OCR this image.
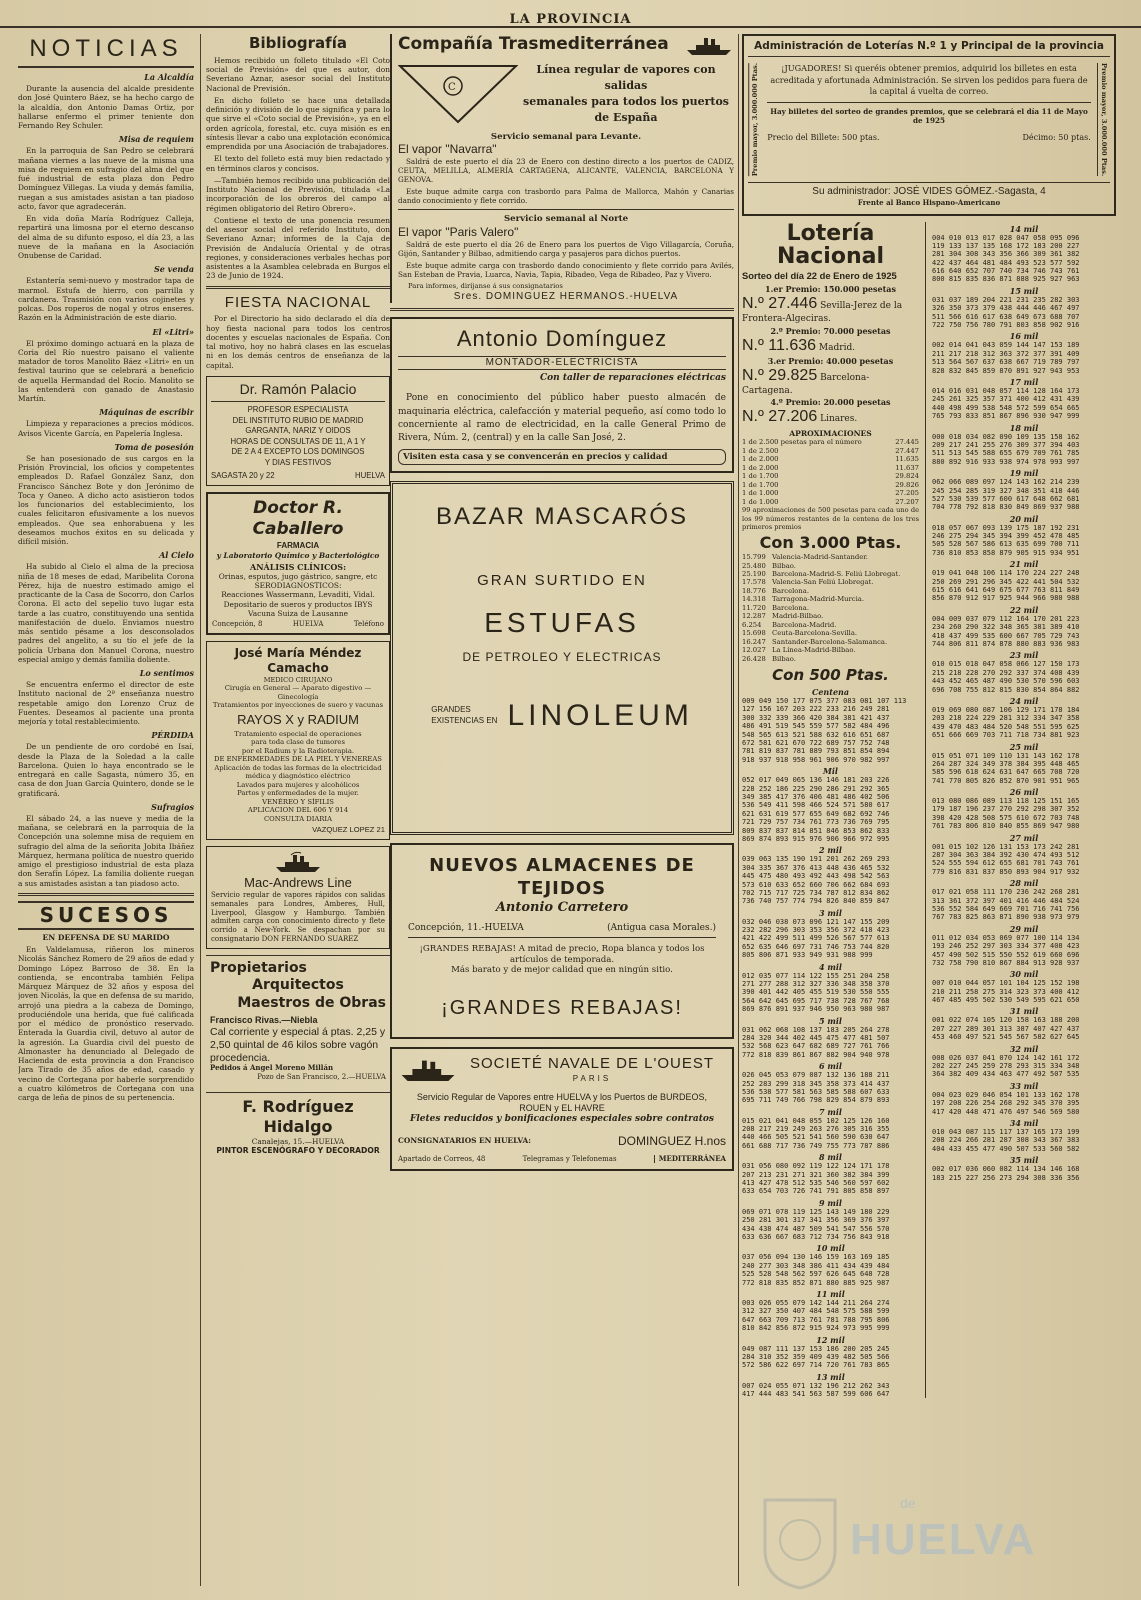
LA PROVINCIA
NOTICIAS
La Alcaldía
Durante la ausencia del alcalde presidente don José Quintero Báez, se ha hecho cargo de la alcaldía, don Antonio Damas Ortiz, por hallarse enfermo el primer teniente don Fernando Rey Schuler.
Misa de requiem
En la parroquia de San Pedro se celebrará mañana viernes a las nueve de la misma una misa de requiem en sufragio del alma del que fué industrial de esta plaza don Pedro Domínguez Villegas. La viuda y demás familia, ruegan a sus amistades asistan a tan piadoso acto, favor que agradecerán.
En vida doña María Rodríguez Calleja, repartirá una limosna por el eterno descanso del alma de su difunto esposo, el día 23, a las nueve de la mañana en la Asociación Onubense de Caridad.
Se venda
Estantería semi-nuevo y mostrador tapa de marmol. Estufa de hierro, con parrilla y cardanera. Trasmisión con varios cojinetes y polcas. Dos roperos de nogal y otros enseres. Razón en la Administración de este diario.
El «Litri»
El próximo domingo actuará en la plaza de Coria del Río nuestro paisano el valiente matador de toros Manolito Báez «Litri» en un festival taurino que se celebrará a beneficio de aquella Hermandad del Rocío. Manolito se las entenderá con ganado de Anastasio Martín.
Máquinas de escribir
Limpieza y reparaciones a precios módicos. Avisos Vicente García, en Papelería Inglesa.
Toma de posesión
Se han posesionado de sus cargos en la Prisión Provincial, los oficios y competentes empleados D. Rafael González Sanz, don Francisco Sánchez Bote y don Jerónimo de Toca y Oaneo. A dicho acto asistieron todos los funcionarios del establecimiento, los cuales felicitaron efusivamente a los nuevos empleados. Que sea enhorabuena y les deseamos muchos éxitos en su delicada y difícil misión.
Al Cielo
Ha subido al Cielo el alma de la preciosa niña de 18 meses de edad, Maribelita Corona Pérez, hija de nuestro estimado amigo el practicante de la Casa de Socorro, don Carlos Corona. El acto del sepelio tuvo lugar esta tarde a las cuatro, constituyendo una sentida manifestación de duelo. Enviamos nuestro más sentido pésame a los desconsolados padres del angelito, a su tío el jefe de la policía Urbana don Manuel Corona, nuestro especial amigo y demás familia doliente.
Lo sentimos
Se encuentra enfermo el director de este Instituto nacional de 2ª enseñanza nuestro respetable amigo don Lorenzo Cruz de Fuentes. Deseamos al paciente una pronta mejoría y total restablecimiento.
PÉRDIDA
De un pendiente de oro cordobé en Isaí, desde la Plaza de la Soledad a la calle Barcelona. Quien lo haya encontrado se le entregará en calle Sagasta, número 35, en casa de don Juan García Quintero, donde se le gratificará.
Sufragios
El sábado 24, a las nueve y media de la mañana, se celebrará en la parroquia de la Concepción una solemne misa de requiem en sufragio del alma de la señorita Jobita Ibáñez Márquez, hermana política de nuestro querido amigo el prestigioso industrial de esta plaza don Serafín López. La familia doliente ruegan a sus amistades asistan a tan piadoso acto.
SUCESOS
EN DEFENSA DE SU MARIDO
En Valdelamusa, riñeron los mineros Nicolás Sánchez Romero de 29 años de edad y Domingo López Barroso de 38. En la contienda, se encontraba también Felipa Márquez Márquez de 32 años y esposa del joven Nicolás, la que en defensa de su marido, arrojó una piedra a la cabeza de Domingo, produciéndole una herida, que fué calificada por el médico de pronóstico reservado. Enterada la Guardia civil, detuvo al autor de la agresión. La Guardia civil del puesto de Almonaster ha denunciado al Delegado de Hacienda de esta provincia a don Francisco Jara Tirado de 35 años de edad, casado y vecino de Cortegana por haberle sorprendido a cuatro kilómetros de Cortegana con una carga de leña de pinos de su pertenencia.
Bibliografía
Hemos recibido un folleto titulado «El Coto social de Previsión» del que es autor, don Severiano Aznar, asesor social del Instituto Nacional de Previsión.
En dicho folleto se hace una detallada definición y división de lo que significa y para lo que sirve el «Coto social de Previsión», ya en el orden agrícola, forestal, etc. cuya misión es en síntesis llevar a cabo una explotación económica emprendida por una Asociación de trabajadores.
El texto del folleto está muy bien redactado y en términos claros y concisos.
—También hemos recibido una publicación del Instituto Nacional de Previsión, titulada «La incorporación de los obreros del campo al régimen obligatorio del Retiro Obrero».
Contiene el texto de una ponencia resumen del asesor social del referido Instituto, don Severiano Aznar; informes de la Caja de Previsión de Andalucía Oriental y de otras regiones, y consideraciones verbales hechas por asistentes a la Asamblea celebrada en Burgos el 23 de Junio de 1924.
FIESTA NACIONAL
Por el Directorio ha sido declarado el día de hoy fiesta nacional para todos los centros docentes y escuelas nacionales de España. Con tal motivo, hoy no habrá clases en las escuelas ni en los demás centros de enseñanza de la capital.
Dr. Ramón Palacio
PROFESOR ESPECIALISTA
DEL INSTITUTO RUBIO DE MADRID
GARGANTA, NARIZ Y OIDOS
HORAS DE CONSULTAS DE 11, A 1 Y
DE 2 A 4 EXCEPTO LOS DOMINGOS
Y DIAS FESTIVOS
SAGASTA 20 y 22	HUELVA
Doctor R. Caballero
FARMACIA
y Laboratorio Químico y Bacteriológico
ANÁLISIS CLÍNICOS:
Orinas, esputos, jugo gástrico, sangre, etc
SERODIAGNOSTICOS:
Reacciones Wassermann, Levaditi, Vidal.
Depositario de sueros y productos IBYS
Vacuna Suiza de Lausanne
Concepción, 8	HUELVA	Teléfono
José María Méndez Camacho
MEDICO CIRUJANO
Cirugía en General — Aparato digestivo — Ginecología
Tratamientos por inyecciones de suero y vacunas
RAYOS X y RADIUM
Tratamiento especial de operaciones
para toda clase de tumores
por el Radium y la Radioterapia.
DE ENFERMEDADES DE LA PIEL Y VENEREAS
Aplicación de todas las formas de la electricidad médica y diagnóstico eléctrico
Lavados para mujeres y alcohólicos
Partos y enfermedades de la mujer.
VENÉREO Y SÍFILIS
APLICACION DEL 606 Y 914
CONSULTA DIARIA
VAZQUEZ LOPEZ 21
Mac-Andrews Line
Servicio regular de vapores rápidos con salidas semanales para Londres, Amberes, Hull, Liverpool, Glasgow y Hamburgo. También admiten carga con conocimiento directo y flete corrido a New-York. Se despachan por su consignatario DON FERNANDO SUAREZ
Propietarios
Arquitectos
Maestros de Obras
Francisco Rivas.—Niebla
Cal corriente y especial á ptas. 2,25 y 2,50 quintal de 46 kilos sobre vagón procedencia.
Pedidos á Angel Moreno Millán
Pozo de San Francisco, 2.—HUELVA
F. Rodríguez Hidalgo
Canalejas, 15.—HUELVA
PINTOR ESCENÓGRAFO Y DECORADOR
Compañía Trasmediterránea
C
Línea regular de vapores con salidas
semanales para todos los puertos
de España
Servicio semanal para Levante.
El vapor "Navarra"
Saldrá de este puerto el día 23 de Enero con destino directo a los puertos de CADIZ, CEUTA, MELILLA, ALMERÍA CARTAGENA, ALICANTE, VALENCIA, BARCELONA Y GENOVA.
Este buque admite carga con trasbordo para Palma de Mallorca, Mahón y Canarias dando conocimiento y flete corrido.
Servicio semanal al Norte
El vapor "Paris Valero"
Saldrá de este puerto el día 26 de Enero para los puertos de Vigo Villagarcía, Coruña, Gijón, Santander y Bilbao, admitiendo carga y pasajeros para dichos puertos.
Este buque admite carga con trasbordo dando conocimiento y flete corrido para Avilés, San Esteban de Pravia, Luarca, Navia, Tapia, Ribadeo, Vega de Ribadeo, Paz y Vivero.
Para informes, diríjanse á sus consignatarios
Sres. DOMINGUEZ HERMANOS.-HUELVA
Antonio Domínguez
MONTADOR-ELECTRICISTA
Con taller de reparaciones eléctricas
Pone en conocimiento del público haber puesto almacén de maquinaria eléctrica, calefacción y material pequeño, así como todo lo concerniente al ramo de electricidad, en la calle General Primo de Rivera, Núm. 2, (central) y en la calle San José, 2.
Visiten esta casa y se convencerán en precios y calidad
BAZAR MASCARÓS
GRAN SURTIDO EN
ESTUFAS
DE PETROLEO Y ELECTRICAS
GRANDES
EXISTENCIAS EN LINOLEUM
NUEVOS ALMACENES DE TEJIDOS
Antonio Carretero
Concepción, 11.-HUELVA	(Antigua casa Morales.)
¡GRANDES REBAJAS! A mitad de precio, Ropa blanca y todos los artículos de temporada.
Más barato y de mejor calidad que en ningún sitio.
¡GRANDES REBAJAS!
SOCIETÉ NAVALE DE L'OUEST
PARIS
Servicio Regular de Vapores entre HUELVA y los Puertos de BURDEOS, ROUEN y EL HAVRE
Fletes reducidos y bonificaciones especiales sobre contratos
CONSIGNATARIOS EN HUELVA:	DOMINGUEZ H.nos
Apartado de Correos, 48	Telegramas y Telefonemas	MEDITERRÁNEA
Administración de Loterías N.º 1 y Principal de la provincia
Premio mayor, 3.000.000 Ptas.	¡JUGADORES! Si queréis obtener premios, adquirid los billetes en esta acreditada y afortunada Administración. Se sirven los pedidos para fuera de la capital á vuelta de correo.
Hay billetes del sorteo de grandes premios, que se celebrará el día 11 de Mayo de 1925
Precio del Billete: 500 ptas.	Décimo: 50 ptas.	Premio mayor, 3.000.000 Ptas.
Su administrador: JOSÉ VIDES GÓMEZ.-Sagasta, 4
Frente al Banco Hispano-Americano
Lotería Nacional
Sorteo del día 22 de Enero de 1925
1.er Premio: 150.000 pesetas
N.º 27.446 Sevilla-Jerez de la Frontera-Algeciras.
2.º Premio: 70.000 pesetas
N.º 11.636 Madrid.
3.er Premio: 40.000 pesetas
N.º 29.825 Barcelona-Cartagena.
4.º Premio: 20.000 pesetas
N.º 27.206 Linares.
APROXIMACIONES
1 de 2.500 pesetas para el número	27.445
1 de 2.500	27.447
1 de 2.000	11.635
1 de 2.000	11.637
1 de 1.700	29.824
1 de 1.700	29.826
1 de 1.000	27.205
1 de 1.000	27.207
99 aproximaciones de 500 pesetas para cada uno de los 99 números restantes de la centena de los tres primeros premios
Con 3.000 Ptas.
15.799 Valencia-Madrid-Santander.
25.480 Bilbao.
25.190 Barcelona-Madrid-S. Feliú Llobregat.
17.578 Valencia-San Feliú Llobregat.
18.776 Barcelona.
14.318 Tarragona-Madrid-Murcia.
11.720 Barcelona.
12.287 Madrid-Bilbao.
6.254 Barcelona-Madrid.
15.698 Ceuta-Barcelona-Sevilla.
16.247 Santander-Barcelona-Salamanca.
12.027 La Línea-Madrid-Bilbao.
26.428 Bilbao.
Con 500 Ptas.
Centena
009 049 150 177 075 377 083 081 107 113
127 156 167 203 222 233 216 249 281
300 332 339 366 420 384 381 421 437
486 491 519 545 559 577 582 484 496
548 565 613 521 588 632 616 651 687
672 581 621 670 722 689 757 752 748
781 819 837 781 889 793 851 854 894
918 937 918 958 961 906 970 982 997
Mil
052 017 049 065 136 146 181 203 226
228 252 186 225 290 286 291 292 365
349 385 417 376 406 481 486 402 506
536 549 411 598 466 524 571 580 617
621 631 619 577 655 649 682 692 746
721 729 757 734 761 773 736 769 795
809 837 837 814 851 846 853 862 833
869 874 893 915 976 906 966 972 995
2 mil
039 063 135 190 191 201 262 269 293
304 335 367 376 413 448 436 465 532
445 475 480 493 492 443 498 542 563
573 610 633 652 660 706 662 684 693
702 715 717 725 734 787 812 834 862
736 740 757 774 794 826 840 859 847
3 mil
032 046 038 073 096 121 147 155 209
232 282 296 303 353 356 372 418 423
421 422 499 511 499 526 567 577 613
652 635 646 697 731 746 753 744 820
805 806 871 933 949 931 988 999
4 mil
012 035 077 114 122 155 251 204 258
271 277 288 312 327 336 348 358 370
390 401 442 405 455 519 530 550 555
564 642 645 695 717 738 728 767 768
869 876 891 937 946 950 963 980 987
5 mil
031 062 068 108 137 183 205 264 278
284 320 344 402 445 475 477 481 507
532 568 623 647 682 689 727 761 766
772 818 839 861 867 882 904 940 978
6 mil
026 045 053 079 087 132 136 188 211
252 283 299 318 345 358 373 414 437
536 538 577 581 563 585 588 607 633
695 711 749 766 798 829 854 879 893
7 mil
015 021 041 048 055 102 125 126 160
208 217 219 249 263 276 305 316 355
440 466 505 521 541 560 590 630 647
661 688 717 736 749 755 773 787 886
8 mil
031 056 080 092 119 122 124 171 178
207 213 231 271 321 360 382 384 399
413 427 478 512 535 546 560 597 602
633 654 703 726 741 791 805 858 897
9 mil
069 071 078 119 125 143 149 180 229
250 281 301 317 341 356 369 376 397
434 438 474 487 509 541 547 556 570
633 636 667 683 712 734 756 843 918
10 mil
037 056 094 130 146 159 163 169 185
240 277 303 348 386 411 434 439 484
525 528 548 562 597 626 645 648 728
772 818 835 852 871 880 885 925 987
11 mil
003 026 055 079 142 144 211 264 274
312 327 350 407 484 548 575 588 599
647 663 709 713 761 781 788 795 806
810 842 856 872 915 924 973 995 999
12 mil
049 087 111 137 153 186 200 205 245
284 310 352 359 409 439 482 505 566
572 586 622 697 714 720 761 783 865
13 mil
007 024 055 071 132 196 212 262 343
417 444 483 541 563 587 599 606 647
14 mil
004 010 013 017 028 047 058 095 096
119 133 137 135 168 172 183 200 227
281 304 308 343 356 366 309 361 382
422 437 464 481 484 493 523 577 592
616 640 652 707 740 734 746 743 761
800 815 835 836 871 888 925 927 963
15 mil
031 037 189 204 221 231 235 282 303
326 350 373 379 438 444 446 467 497
511 566 616 617 638 649 673 688 707
722 750 756 780 791 803 858 902 916
16 mil
002 014 041 043 059 144 147 153 189
211 217 218 312 363 372 377 391 409
513 564 567 637 638 667 719 789 797
828 832 845 859 870 891 927 943 953
17 mil
014 016 031 048 057 114 128 164 173
245 261 325 357 371 400 412 431 439
440 498 499 538 548 572 599 654 665
765 793 833 851 867 896 930 947 999
18 mil
000 018 034 082 090 109 135 158 162
209 217 241 255 276 309 377 394 403
511 513 545 588 655 679 709 761 785
880 892 916 933 938 974 978 993 997
19 mil
062 066 089 097 124 143 162 214 239
245 254 285 319 327 348 351 418 446
527 530 539 577 600 617 648 662 681
704 778 792 818 830 849 869 937 988
20 mil
018 057 067 093 139 175 187 192 231
246 275 294 345 394 399 452 478 485
505 528 567 586 613 635 699 700 711
736 810 853 858 879 905 915 934 951
21 mil
019 041 048 106 114 170 224 227 248
250 269 291 296 345 422 441 504 532
615 616 641 649 675 677 763 811 849
856 870 912 917 925 944 966 980 988
22 mil
004 009 037 079 112 164 170 201 223
234 260 290 322 348 365 381 389 410
418 437 499 535 600 667 705 729 743
744 806 811 874 878 880 883 936 983
23 mil
010 015 018 047 058 066 127 150 173
215 218 228 270 292 337 374 408 439
443 452 465 487 490 530 570 596 603
696 708 755 812 815 830 854 864 882
24 mil
019 069 080 087 106 129 171 178 184
203 218 224 229 281 312 334 347 358
439 470 483 484 520 548 551 595 625
651 666 669 703 711 718 734 881 923
25 mil
015 051 071 109 110 131 143 162 178
264 287 324 349 378 384 395 448 465
585 596 618 624 631 647 665 708 720
741 770 805 826 852 870 901 951 965
26 mil
013 080 086 089 113 118 125 151 165
179 187 196 237 270 292 298 307 352
398 420 428 508 575 610 672 703 748
761 783 806 810 840 855 869 947 980
27 mil
001 015 102 126 131 153 173 242 281
287 304 363 384 392 430 474 493 512
524 555 594 612 655 681 701 743 761
779 816 831 837 850 893 904 917 932
28 mil
017 021 058 111 170 236 242 268 281
313 361 372 397 401 416 446 484 524
536 552 584 649 669 701 716 741 756
767 783 825 863 871 890 938 973 979
29 mil
011 012 034 053 069 077 100 114 134
193 246 252 297 303 334 377 408 423
457 490 502 515 550 552 619 660 696
732 758 790 810 867 884 913 928 937
30 mil
007 010 044 057 101 104 125 152 198
210 211 258 275 314 323 373 400 412
467 485 495 502 530 549 595 621 650
31 mil
001 022 074 105 120 158 163 188 200
207 227 289 301 313 387 407 427 437
453 460 497 521 545 567 582 627 645
32 mil
008 026 037 041 070 124 142 161 172
202 227 245 259 278 293 315 334 348
364 382 409 434 463 477 492 507 535
33 mil
004 023 029 046 054 101 133 162 178
197 208 226 254 268 292 345 370 395
417 420 448 471 476 497 546 569 580
34 mil
010 043 087 115 117 137 165 173 199
208 224 266 281 287 308 343 367 383
404 433 455 477 490 507 533 560 582
35 mil
002 017 036 060 082 114 134 146 168
183 215 227 256 273 294 308 336 356
de
HUELVA
